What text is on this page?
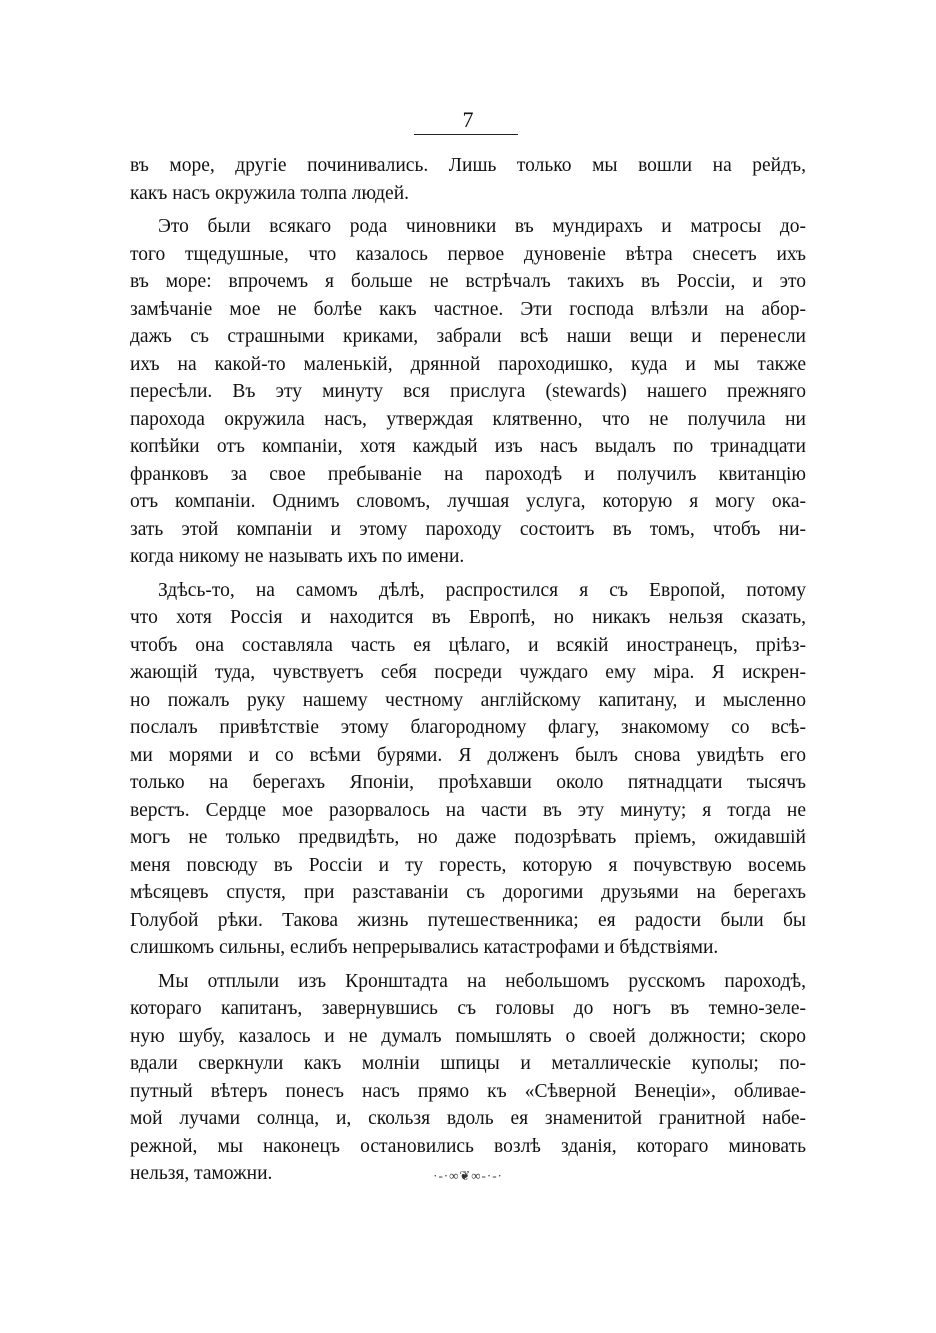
7
въ море, другiе починивались. Лишь только мы вошли на рейдъ,
какъ насъ окружила толпа людей.
Это были всякаго рода чиновники въ мундирахъ и матросы до-
того тщедушные, что казалось первое дуновенiе вѣтра снесетъ ихъ
въ море: впрочемъ я больше не встрѣчалъ такихъ въ Россiи, и это
замѣчанiе мое не болѣе какъ частное. Эти господа влѣзли на абор-
дажъ съ страшными криками, забрали всѣ наши вещи и перенесли
ихъ на какой-то маленькiй, дрянной пароходишко, куда и мы также
пересѣли. Въ эту минуту вся прислуга (stewards) нашего прежняго
парохода окружила насъ, утверждая клятвенно, что не получила ни
копѣйки отъ компанiи, хотя каждый изъ насъ выдалъ по тринадцати
франковъ за свое пребыванiе на пароходѣ и получилъ квитанцiю
отъ компанiи. Однимъ словомъ, лучшая услуга, которую я могу ока-
зать этой компанiи и этому пароходу состоитъ въ томъ, чтобъ ни-
когда никому не называть ихъ по имени.
Здѣсь-то, на самомъ дѣлѣ, распростился я съ Европой, потому
что хотя Россiя и находится въ Европѣ, но никакъ нельзя сказать,
чтобъ она составляла часть ея цѣлаго, и всякiй иностранецъ, прiѣз-
жающiй туда, чувствуетъ себя посреди чуждаго ему мiра. Я искрен-
но пожалъ руку нашему честному англiйскому капитану, и мысленно
послалъ привѣтствiе этому благородному флагу, знакомому со всѣ-
ми морями и со всѣми бурями. Я долженъ былъ снова увидѣть его
только на берегахъ Японiи, проѣхавши около пятнадцати тысячъ
верстъ. Сердце мое разорвалось на части въ эту минуту; я тогда не
могъ не только предвидѣть, но даже подозрѣвать прiемъ, ожидавшiй
меня повсюду въ Россiи и ту горесть, которую я почувствую восемь
мѣсяцевъ спустя, при разставанiи съ дорогими друзьями на берегахъ
Голубой рѣки. Такова жизнь путешественника; ея радости были бы
слишкомъ сильны, еслибъ непрерывались катастрофами и бѣдствiями.
Мы отплыли изъ Кронштадта на небольшомъ русскомъ пароходѣ,
котораго капитанъ, завернувшись съ головы до ногъ въ темно-зеле-
ную шубу, казалось и не думалъ помышлять о своей должности; скоро
вдали сверкнули какъ молнiи шпицы и металлическiе куполы; по-
путный вѣтеръ понесъ насъ прямо къ «Сѣверной Венецiи», обливае-
мой лучами солнца, и, скользя вдоль ея знаменитой гранитной набе-
режной, мы наконецъ остановились возлѣ зданiя, котораго миновать
нельзя, таможни.	·-·∞❦∞-·-·
